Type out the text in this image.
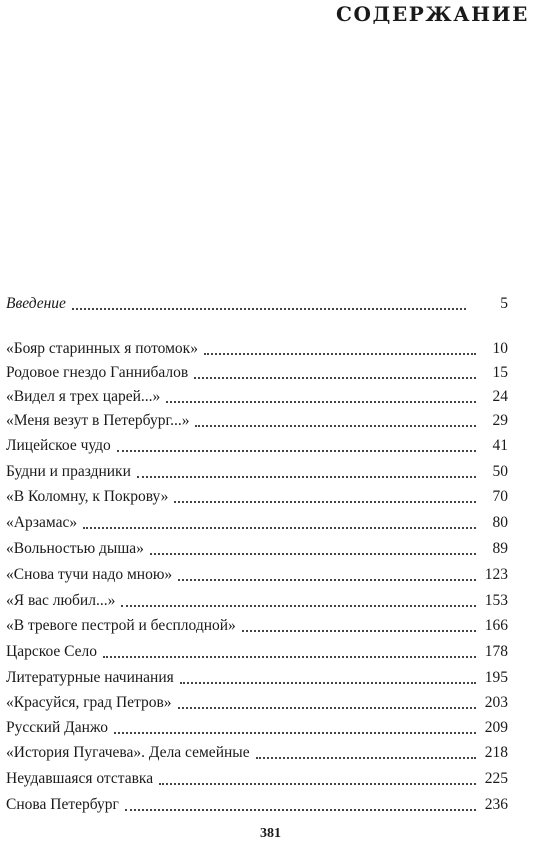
СОДЕРЖАНИЕ
Введение	5
«Бояр старинных я потомок»	10
Родовое гнездо Ганнибалов	15
«Видел я трех царей...»	24
«Меня везут в Петербург...»	29
Лицейское чудо	41
Будни и праздники	50
«В Коломну, к Покрову»	70
«Арзамас»	80
«Вольностью дыша»	89
«Снова тучи надо мною»	123
«Я вас любил...»	153
«В тревоге пестрой и бесплодной»	166
Царское Село	178
Литературные начинания	195
«Красуйся, град Петров»	203
Русский Данжо	209
«История Пугачева». Дела семейные	218
Неудавшаяся отставка	225
Снова Петербург	236
381
